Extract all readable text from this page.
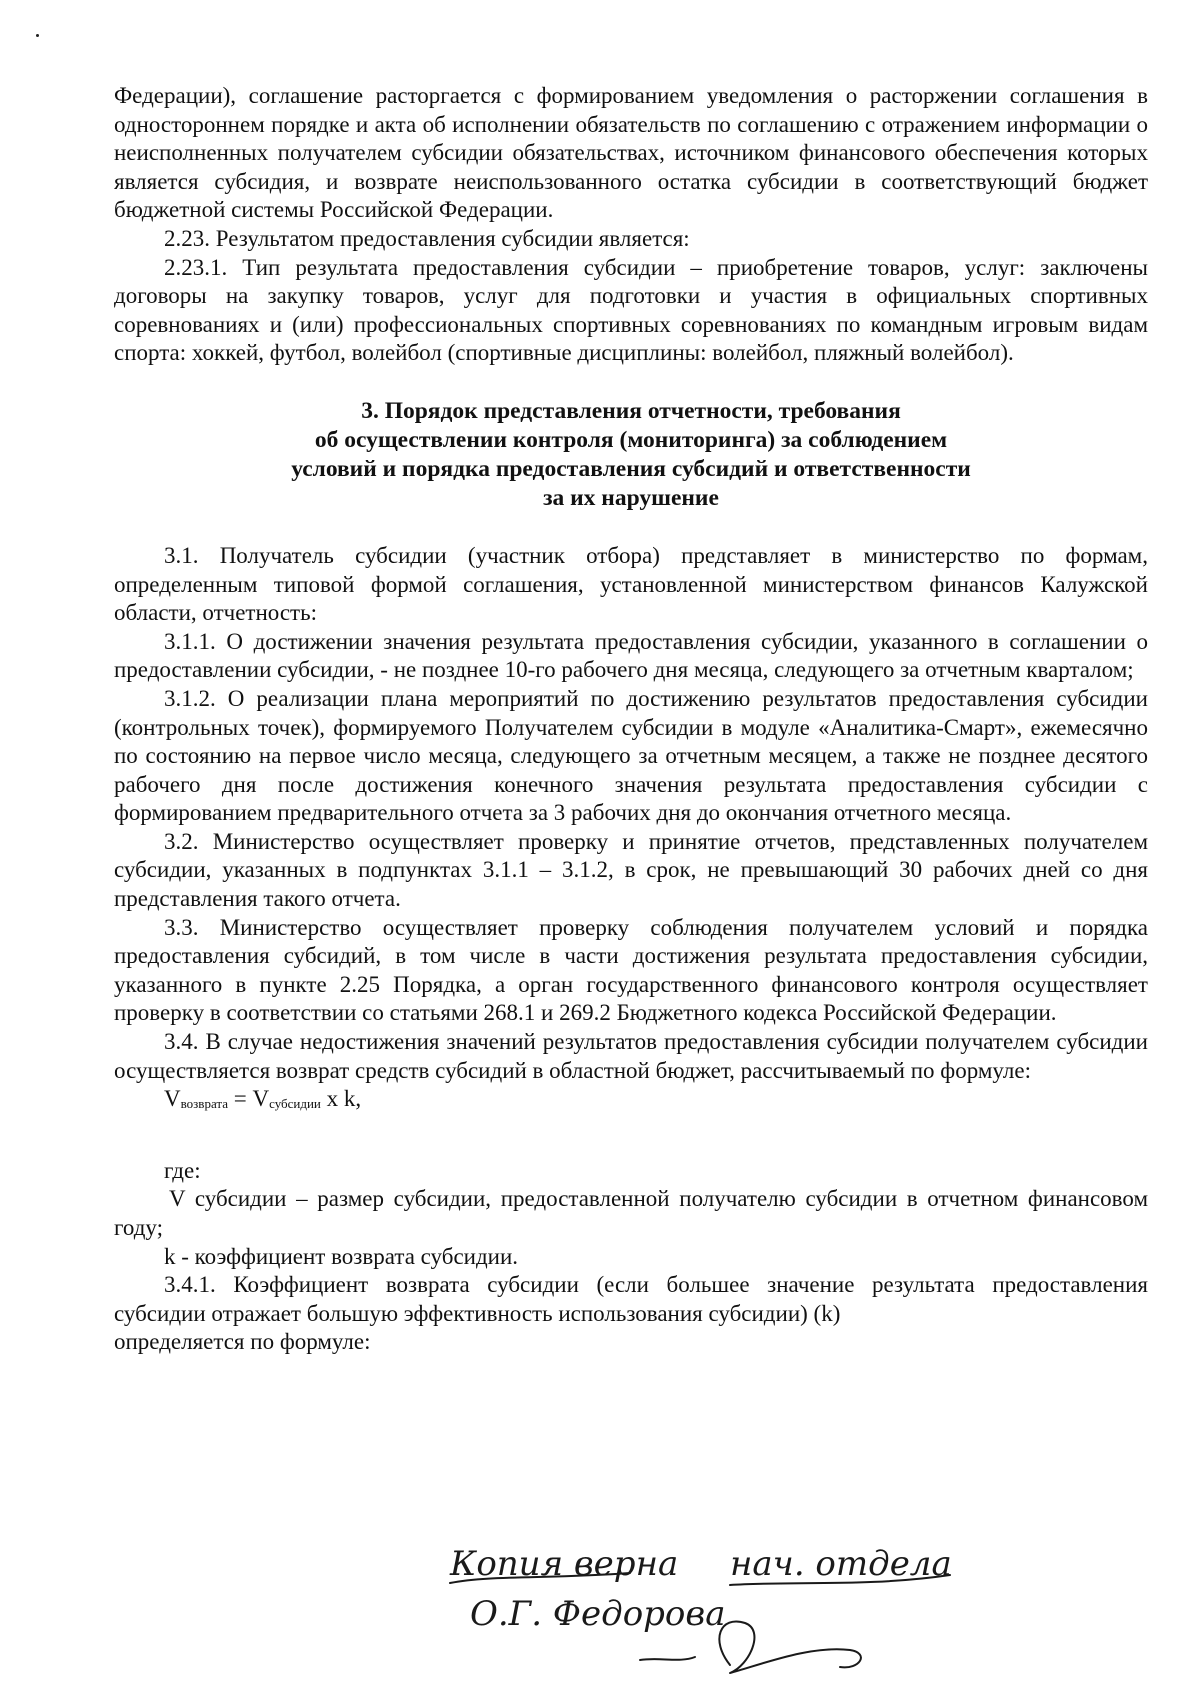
Федерации), соглашение расторгается с формированием уведомления о расторжении соглашения в одностороннем порядке и акта об исполнении обязательств по соглашению с отражением информации о неисполненных получателем субсидии обязательствах, источником финансового обеспечения которых является субсидия, и возврате неиспользованного остатка субсидии в соответствующий бюджет бюджетной системы Российской Федерации.

2.23. Результатом предоставления субсидии является:

2.23.1. Тип результата предоставления субсидии – приобретение товаров, услуг: заключены договоры на закупку товаров, услуг для подготовки и участия в официальных спортивных соревнованиях и (или) профессиональных спортивных соревнованиях по командным игровым видам спорта: хоккей, футбол, волейбол (спортивные дисциплины: волейбол, пляжный волейбол).

3. Порядок представления отчетности, требования
об осуществлении контроля (мониторинга) за соблюдением
условий и порядка предоставления субсидий и ответственности
за их нарушение

3.1. Получатель субсидии (участник отбора) представляет в министерство по формам, определенным типовой формой соглашения, установленной министерством финансов Калужской области, отчетность:

3.1.1. О достижении значения результата предоставления субсидии, указанного в соглашении о предоставлении субсидии, - не позднее 10-го рабочего дня месяца, следующего за отчетным кварталом;

3.1.2. О реализации плана мероприятий по достижению результатов предоставления субсидии (контрольных точек), формируемого Получателем субсидии в модуле «Аналитика-Смарт», ежемесячно по состоянию на первое число месяца, следующего за отчетным месяцем, а также не позднее десятого рабочего дня после достижения конечного значения результата предоставления субсидии с формированием предварительного отчета за 3 рабочих дня до окончания отчетного месяца.

3.2. Министерство осуществляет проверку и принятие отчетов, представленных получателем субсидии, указанных в подпунктах 3.1.1 – 3.1.2, в срок, не превышающий 30 рабочих дней со дня представления такого отчета.

3.3. Министерство осуществляет проверку соблюдения получателем условий и порядка предоставления субсидий, в том числе в части достижения результата предоставления субсидии, указанного в пункте 2.25 Порядка, а орган государственного финансового контроля осуществляет проверку в соответствии со статьями 268.1 и 269.2 Бюджетного кодекса Российской Федерации.

3.4. В случае недостижения значений результатов предоставления субсидии получателем субсидии осуществляется возврат средств субсидий в областной бюджет, рассчитываемый по формуле:

$V_{возврата} = V_{субсидии}$ x k,

где:

V субсидии – размер субсидии, предоставленной получателю субсидии в отчетном финансовом году;

k - коэффициент возврата субсидии.

3.4.1. Коэффициент возврата субсидии (если большее значение результата предоставления субсидии отражает большую эффективность использования субсидии) (k)

определяется по формуле:

Копия верна нач. отдела
О.Г. Федорова
